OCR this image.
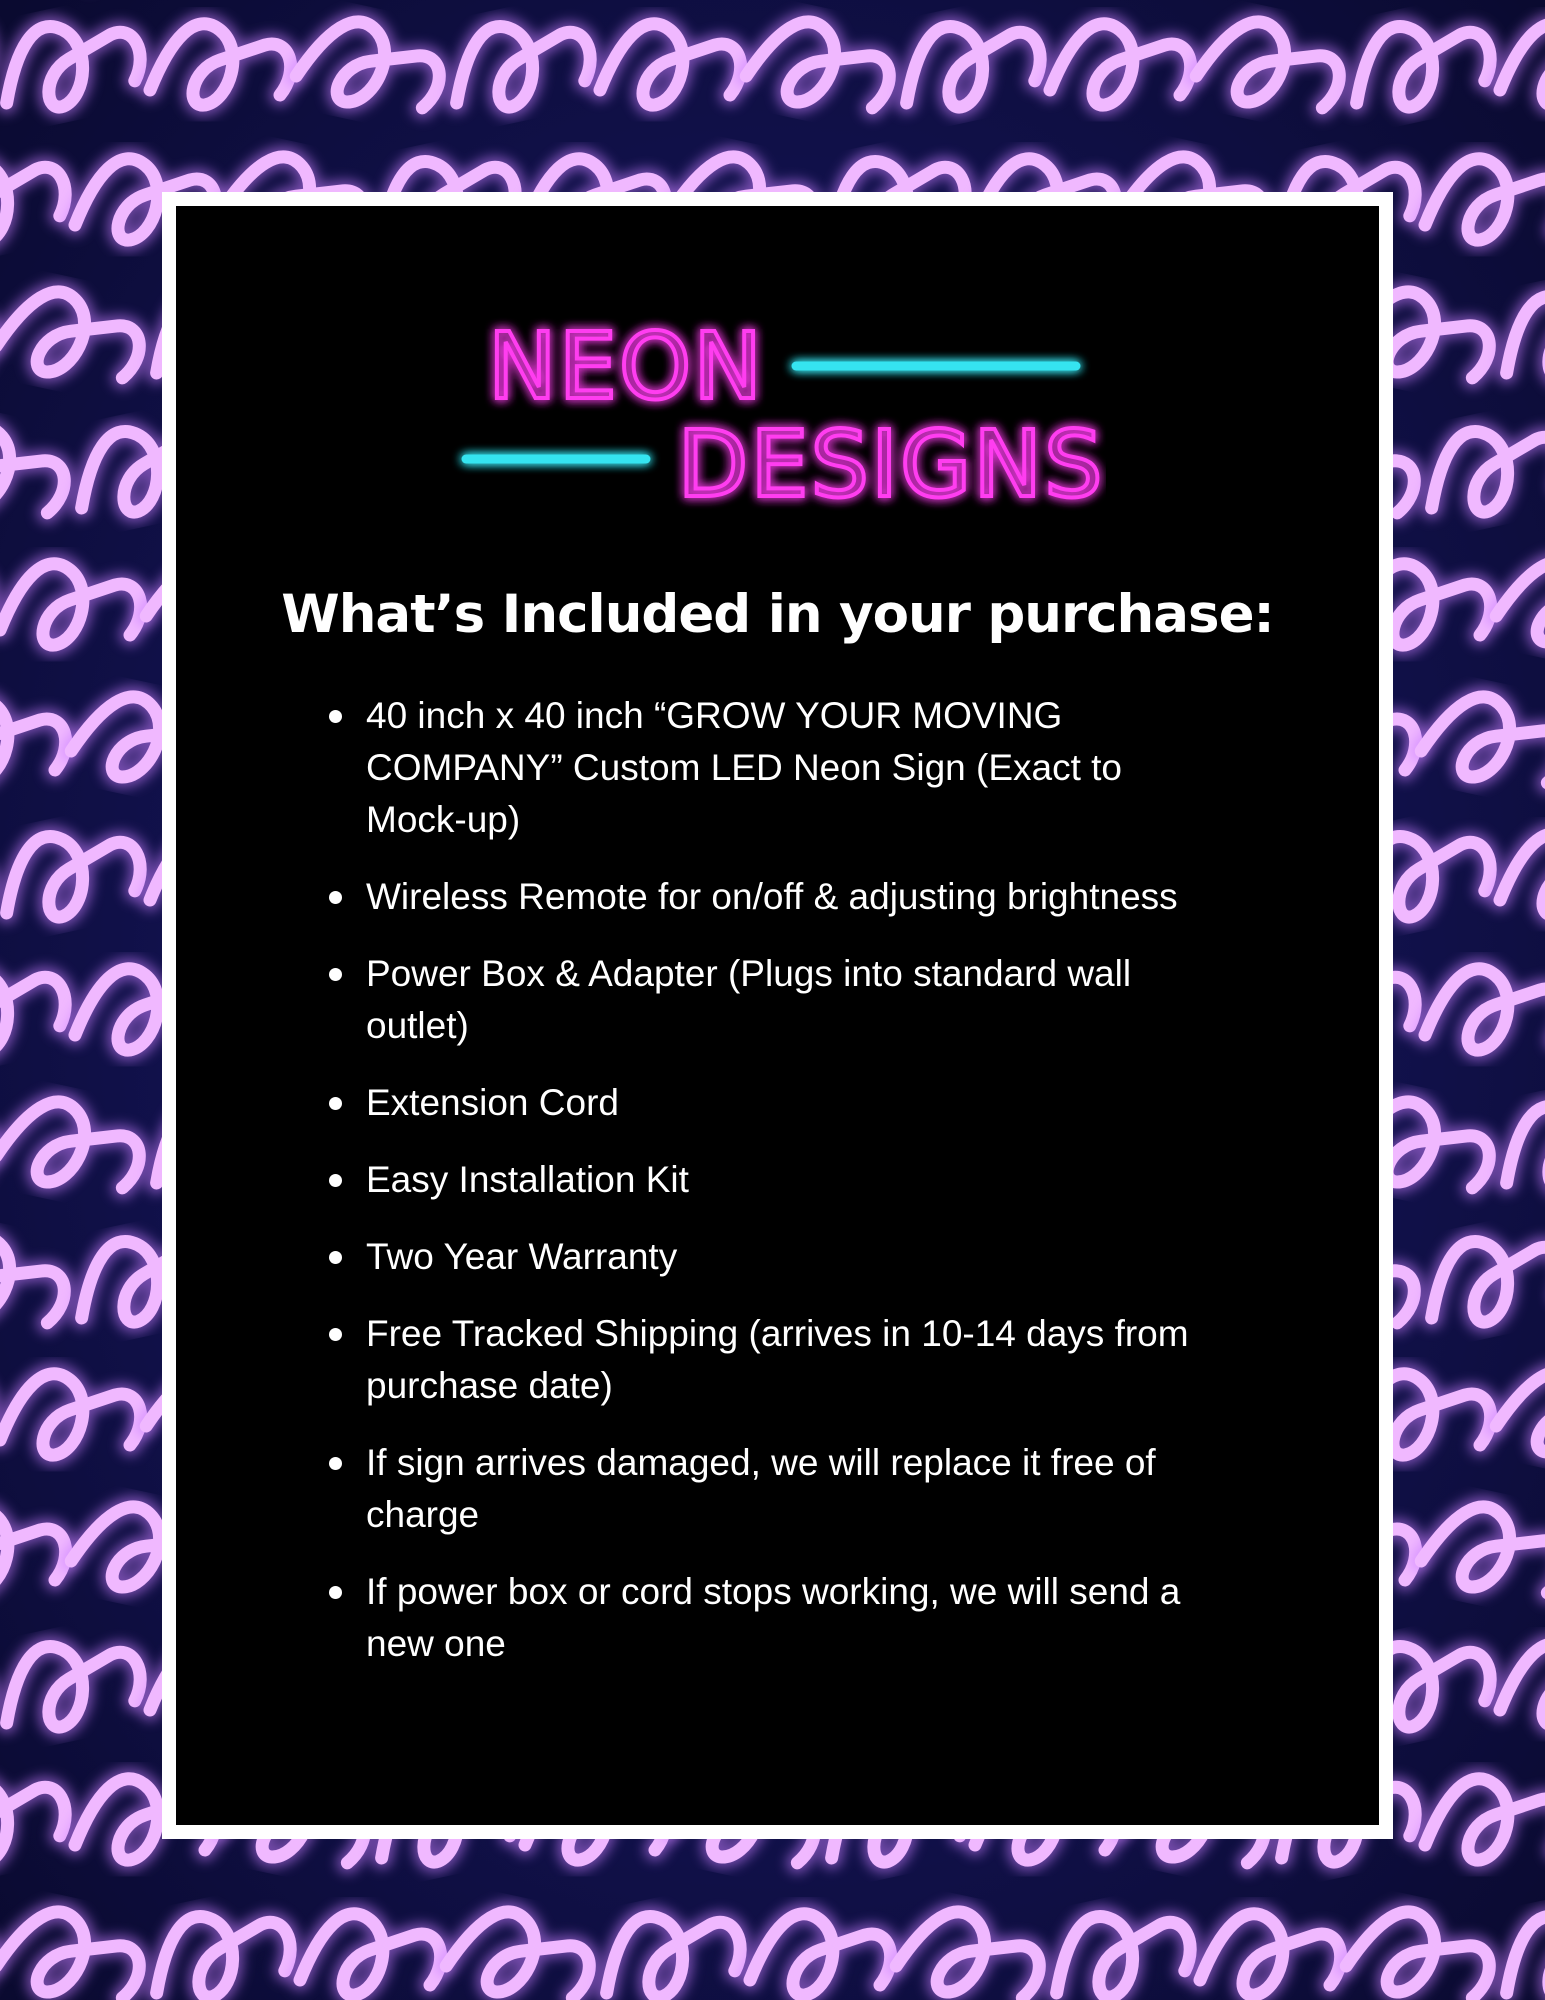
NEON
DESIGNS
What’s Included in your purchase:
40 inch x 40 inch “GROW YOUR MOVING COMPANY” Custom LED Neon Sign (Exact to Mock-up)
Wireless Remote for on/off & adjusting brightness
Power Box & Adapter (Plugs into standard wall outlet)
Extension Cord
Easy Installation Kit
Two Year Warranty
Free Tracked Shipping (arrives in 10-14 days from purchase date)
If sign arrives damaged, we will replace it free of charge
If power box or cord stops working, we will send a new one
